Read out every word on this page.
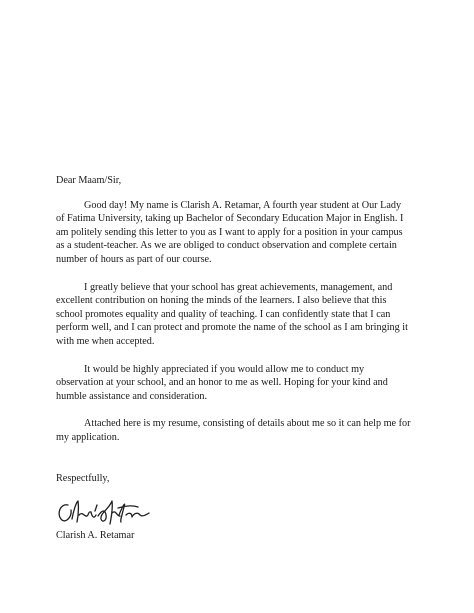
Dear Maam/Sir,

Good day! My name is Clarish A. Retamar, A fourth year student at Our Lady of Fatima University, taking up Bachelor of Secondary Education Major in English. I am politely sending this letter to you as I want to apply for a position in your campus as a student-teacher. As we are obliged to conduct observation and complete certain number of hours as part of our course.

I greatly believe that your school has great achievements, management, and excellent contribution on honing the minds of the learners. I also believe that this school promotes equality and quality of teaching. I can confidently state that I can perform well, and I can protect and promote the name of the school as I am bringing it with me when accepted.

It would be highly appreciated if you would allow me to conduct my observation at your school, and an honor to me as well. Hoping for your kind and humble assistance and consideration.

Attached here is my resume, consisting of details about me so it can help me for my application.

Respectfully,

Clarish A. Retamar
